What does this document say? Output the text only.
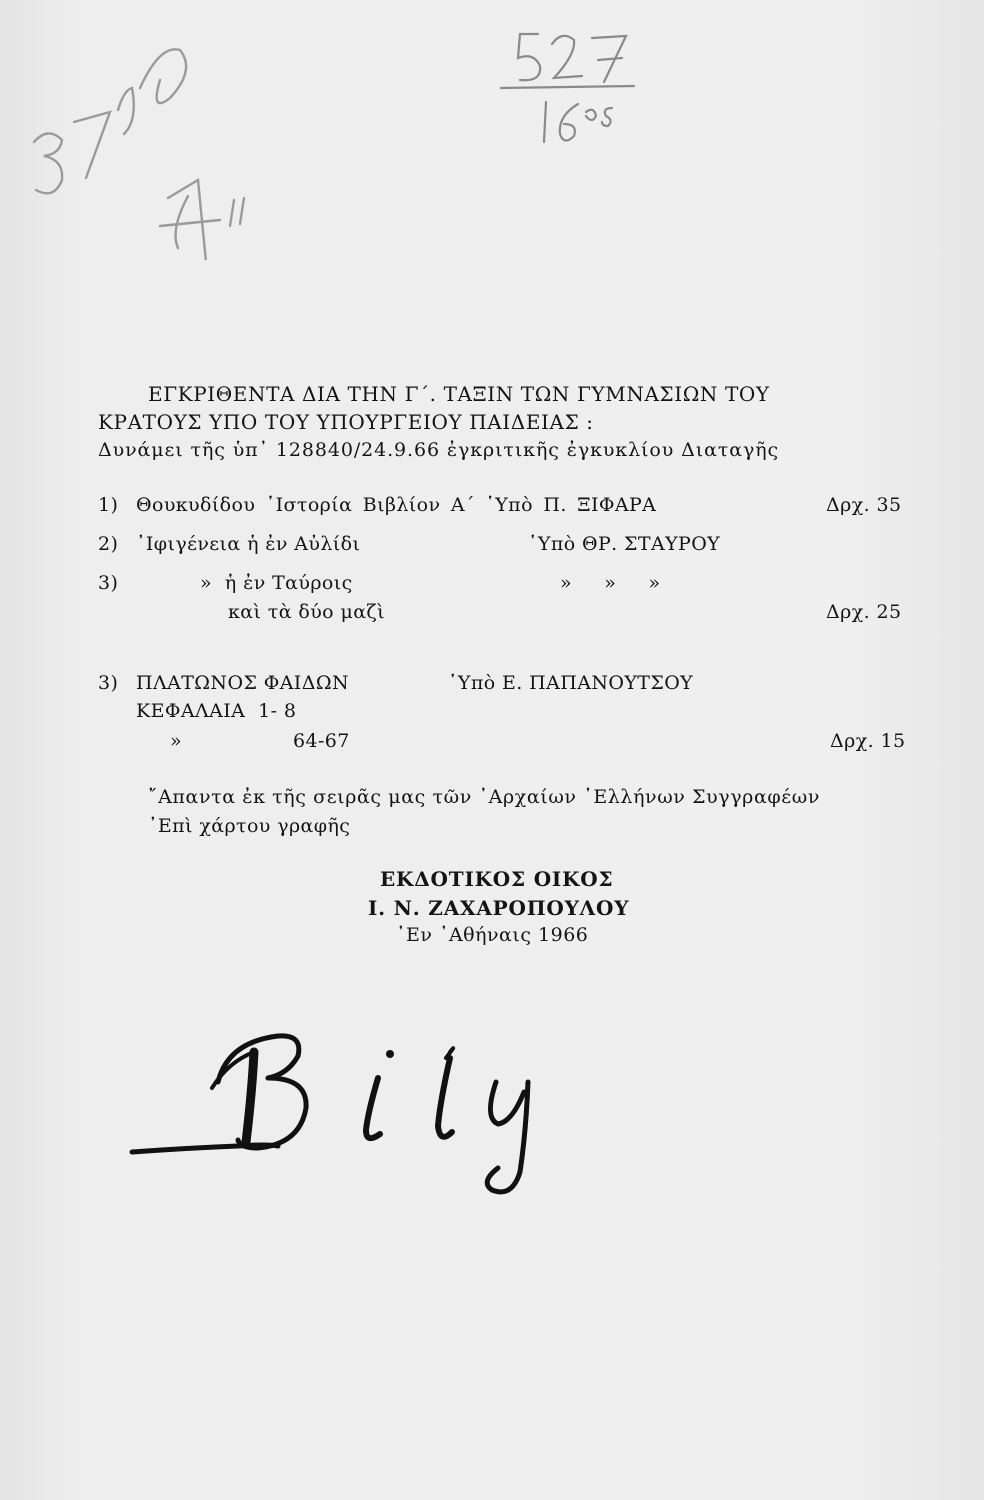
ΕΓΚΡΙΘΕΝΤΑ ΔΙΑ ΤΗΝ Γ΄. ΤΑΞΙΝ ΤΩΝ ΓΥΜΝΑΣΙΩΝ ΤΟΥ
ΚΡΑΤΟΥΣ ΥΠΟ ΤΟΥ ΥΠΟΥΡΓΕΙΟΥ ΠΑΙΔΕΙΑΣ :
Δυνάμει τῆς ὑπ᾽ 128840/24.9.66 ἐγκριτικῆς ἐγκυκλίου Διαταγῆς
1) Θουκυδίδου ῾Ιστορία Βιβλίον Α΄ ῾Υπὸ Π. ΞΙΦΑΡΑ	Δρχ. 35
2) ᾽Ιφιγένεια ἡ ἐν Αὐλίδι	῾Υπὸ ΘΡ. ΣΤΑΥΡΟΥ
3)	»  ἡ ἐν Ταύροις	»     »     »
καὶ τὰ δύο μαζὶ	Δρχ. 25
3) ΠΛΑΤΩΝΟΣ ΦΑΙΔΩΝ	῾Υπὸ Ε. ΠΑΠΑΝΟΥΤΣΟΥ
ΚΕΦΑΛΑΙΑ  1- 8
»	64-67	Δρχ. 15
῎Απαντα ἐκ τῆς σειρᾶς μας τῶν ᾽Αρχαίων ῾Ελλήνων Συγγραφέων
᾽Επὶ χάρτου γραφῆς
ΕΚΔΟΤΙΚΟΣ ΟΙΚΟΣ
Ι. Ν. ΖΑΧΑΡΟΠΟΥΛΟΥ
᾽Εν ᾽Αθήναις 1966
